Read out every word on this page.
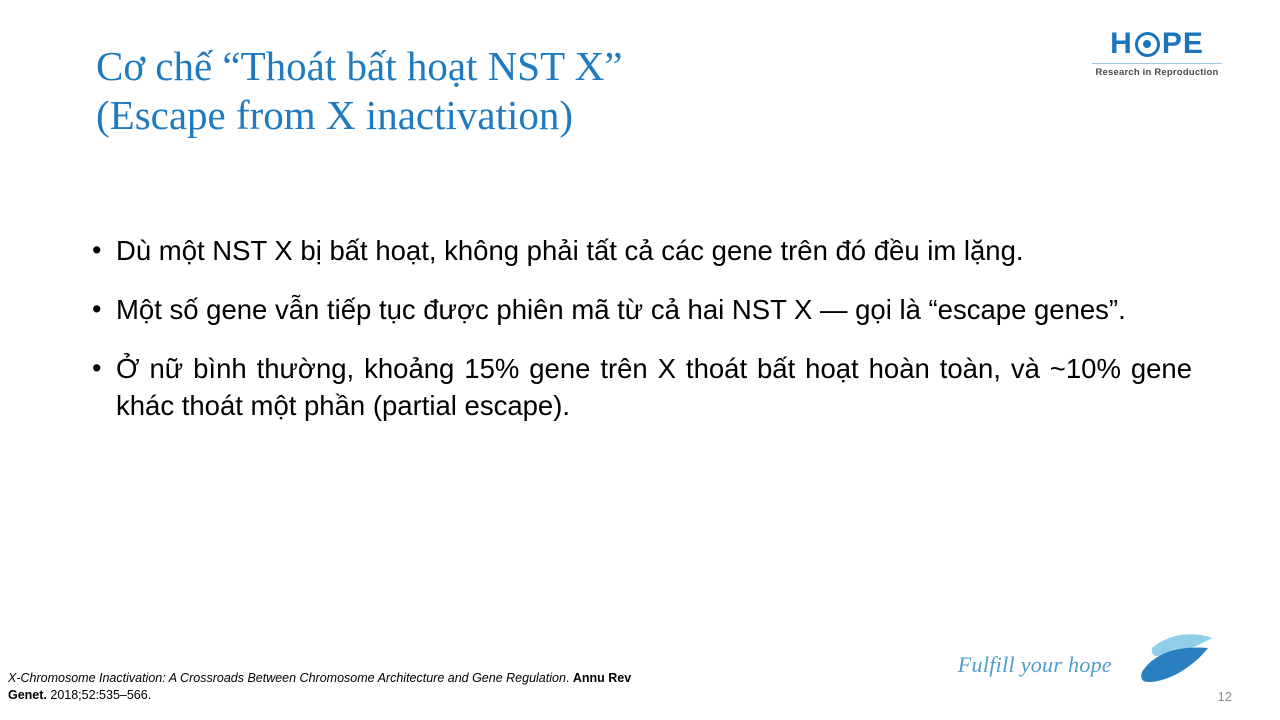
H PE
Research in Reproduction
Cơ chế “Thoát bất hoạt NST X”
(Escape from X inactivation)
• Dù một NST X bị bất hoạt, không phải tất cả các gene trên đó đều im lặng.
• Một số gene vẫn tiếp tục được phiên mã từ cả hai NST X — gọi là “escape genes”.
• Ở nữ bình thường, khoảng 15% gene trên X thoát bất hoạt hoàn toàn, và ~10% gene khác thoát một phần (partial escape).
X-Chromosome Inactivation: A Crossroads Between Chromosome Architecture and Gene Regulation. Annu Rev Genet. 2018;52:535–566.
Fulfill your hope
12
